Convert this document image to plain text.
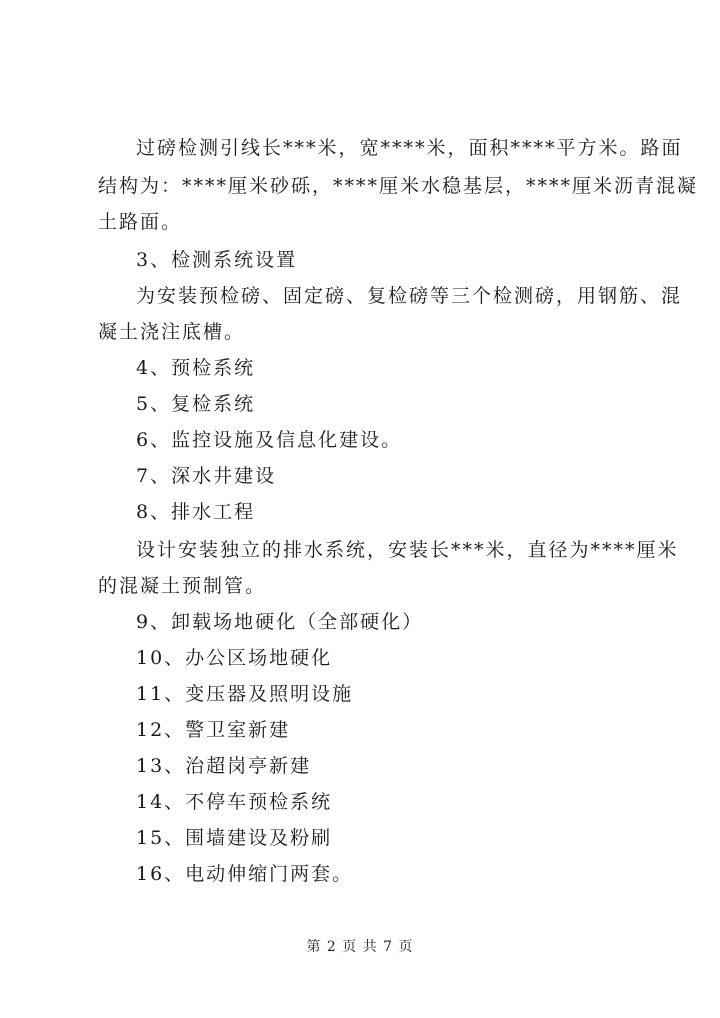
过磅检测引线长***米，宽****米，面积****平方米。路面
结构为：****厘米砂砾，****厘米水稳基层，****厘米沥青混凝
土路面。
3、检测系统设置
为安装预检磅、固定磅、复检磅等三个检测磅，用钢筋、混
凝土浇注底槽。
4、预检系统
5、复检系统
6、监控设施及信息化建设。
7、深水井建设
8、排水工程
设计安装独立的排水系统，安装长***米，直径为****厘米
的混凝土预制管。
9、卸载场地硬化（全部硬化）
10、办公区场地硬化
11、变压器及照明设施
12、警卫室新建
13、治超岗亭新建
14、不停车预检系统
15、围墙建设及粉刷
16、电动伸缩门两套。
第 2 页 共 7 页
